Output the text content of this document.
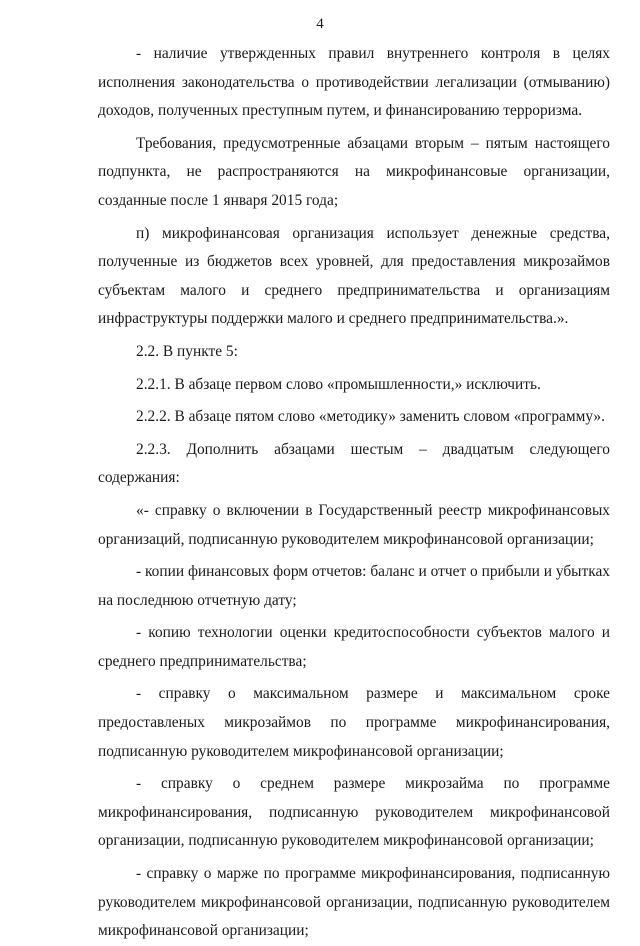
4

- наличие утвержденных правил внутреннего контроля в целях исполнения законодательства о противодействии легализации (отмыванию) доходов, полученных преступным путем, и финансированию терроризма.

Требования, предусмотренные абзацами вторым – пятым настоящего подпункта, не распространяются на микрофинансовые организации, созданные после 1 января 2015 года;

п) микрофинансовая организация использует денежные средства, полученные из бюджетов всех уровней, для предоставления микрозаймов субъектам малого и среднего предпринимательства и организациям инфраструктуры поддержки малого и среднего предпринимательства.».

2.2. В пункте 5:

2.2.1. В абзаце первом слово «промышленности,» исключить.

2.2.2. В абзаце пятом слово «методику» заменить словом «программу».

2.2.3. Дополнить абзацами шестым – двадцатым следующего содержания:

«- справку о включении в Государственный реестр микрофинансовых организаций, подписанную руководителем микрофинансовой организации;

- копии финансовых форм отчетов: баланс и отчет о прибыли и убытках на последнюю отчетную дату;

- копию технологии оценки кредитоспособности субъектов малого и среднего предпринимательства;

- справку о максимальном размере и максимальном сроке предоставленых микрозаймов по программе микрофинансирования, подписанную руководителем микрофинансовой организации;

- справку о среднем размере микрозайма по программе микрофинансирования, подписанную руководителем микрофинансовой организации, подписанную руководителем микрофинансовой организации;

- справку о марже по программе микрофинансирования, подписанную руководителем микрофинансовой организации, подписанную руководителем микрофинансовой организации;
